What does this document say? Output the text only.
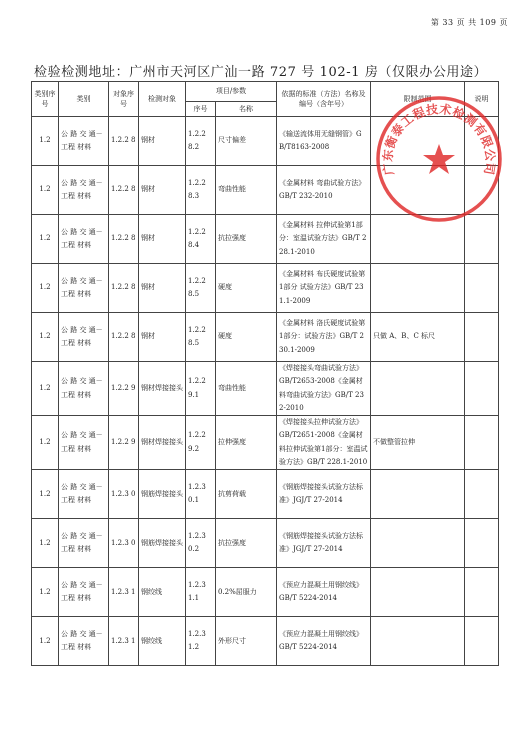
第 33 页 共 109 页
检验检测地址：广州市天河区广汕一路 727 号 102-1 房（仅限办公用途）
类别序号	类别	对象序号	检测对象	项目/参数		依据的标准（方法）名称及编号（含年号）	限制范围	说明
				序号	名称			
1.2	公 路 交 通－工程 材料	1.2.2 8	钢材	1.2.2 8.2	尺寸偏差	《输送流体用无缝钢管》GB/T8163-2008		
1.2	公 路 交 通－工程 材料	1.2.2 8	钢材	1.2.2 8.3	弯曲性能	《金属材料 弯曲试验方法》GB/T 232-2010		
1.2	公 路 交 通－工程 材料	1.2.2 8	钢材	1.2.2 8.4	抗拉强度	《金属材料 拉伸试验第1部分：室温试验方法》GB/T 228.1-2010		
1.2	公 路 交 通－工程 材料	1.2.2 8	钢材	1.2.2 8.5	硬度	《金属材料 布氏硬度试验第1部分 试验方法》GB/T 231.1-2009		
1.2	公 路 交 通－工程 材料	1.2.2 8	钢材	1.2.2 8.5	硬度	《金属材料 洛氏硬度试验第1部分：试验方法》GB/T 230.1-2009	只做 A、B、C 标尺	
1.2	公 路 交 通－工程 材料	1.2.2 9	钢材焊接接头	1.2.2 9.1	弯曲性能	《焊接接头弯曲试验方法》GB/T2653-2008《金属材料弯曲试验方法》GB/T 232-2010		
1.2	公 路 交 通－工程 材料	1.2.2 9	钢材焊接接头	1.2.2 9.2	拉伸强度	《焊接接头拉伸试验方法》GB/T2651-2008《金属材料拉伸试验第1部分：室温试验方法》GB/T 228.1-2010	不做整管拉伸	
1.2	公 路 交 通－工程 材料	1.2.3 0	钢筋焊接接头	1.2.3 0.1	抗剪荷载	《钢筋焊接接头试验方法标准》JGJ/T 27-2014		
1.2	公 路 交 通－工程 材料	1.2.3 0	钢筋焊接接头	1.2.3 0.2	抗拉强度	《钢筋焊接接头试验方法标准》JGJ/T 27-2014		
1.2	公 路 交 通－工程 材料	1.2.3 1	钢绞线	1.2.3 1.1	0.2%屈服力	《预应力混凝土用钢绞线》GB/T 5224-2014		
1.2	公 路 交 通－工程 材料	1.2.3 1	钢绞线	1.2.3 1.2	外形尺寸	《预应力混凝土用钢绞线》GB/T 5224-2014		
广东衡泰工程技术检测有限公司
